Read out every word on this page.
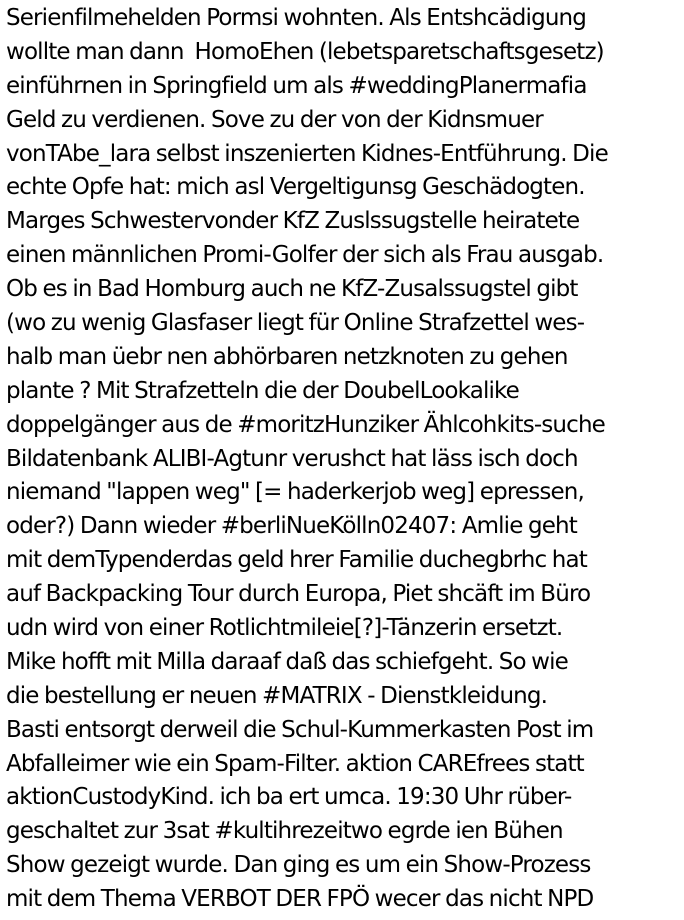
Serienfilmehelden Pormsi wohnten. Als Entshcädigung
wollte man dann  HomoEhen (lebetsparetschaftsgesetz)
einführnen in Springfield um als #weddingPlanermafia
Geld zu verdienen. Sove zu der von der Kidnsmuer
vonTAbe_lara selbst inszenierten Kidnes-Entführung. Die
echte Opfe hat: mich asl Vergeltigunsg Geschädogten.
Marges Schwestervonder KfZ Zuslssugstelle heiratete
einen männlichen Promi-Golfer der sich als Frau ausgab.
Ob es in Bad Homburg auch ne KfZ-Zusalssugstel gibt
(wo zu wenig Glasfaser liegt für Online Strafzettel wes-
halb man üebr nen abhörbaren netzknoten zu gehen
plante ? Mit Strafzetteln die der DoubelLookalike
doppelgänger aus de #moritzHunziker Ählcohkits-suche
Bildatenbank ALIBI-Agtunr verushct hat läss isch doch
niemand "lappen weg" [= haderkerjob weg] epressen,
oder?) Dann wieder #berliNueKölln02407: Amlie geht
mit demTypenderdas geld hrer Familie duchegbrhc hat
auf Backpacking Tour durch Europa, Piet shcäft im Büro
udn wird von einer Rotlichtmileie[?]-Tänzerin ersetzt.
Mike hofft mit Milla daraaf daß das schiefgeht. So wie
die bestellung er neuen #MATRIX - Dienstkleidung.
Basti entsorgt derweil die Schul-Kummerkasten Post im
Abfalleimer wie ein Spam-Filter. aktion CAREfrees statt
aktionCustodyKind. ich ba ert umca. 19:30 Uhr rüber-
geschaltet zur 3sat #kultihrezeitwo egrde ien Bühen
Show gezeigt wurde. Dan ging es um ein Show-Prozess
mit dem Thema VERBOT DER FPÖ wecer das nicht NPD
